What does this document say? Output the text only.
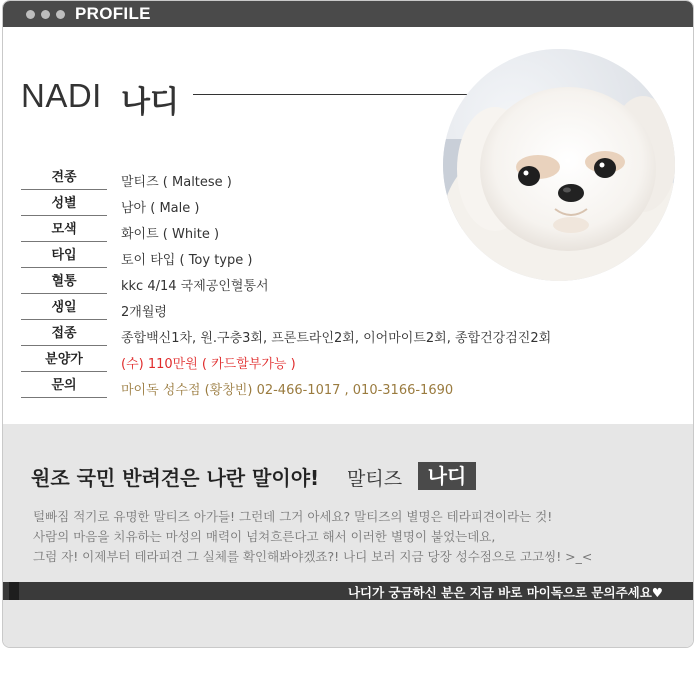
PROFILE
NADI 나디
견종	말티즈 ( Maltese )
성별	남아 ( Male )
모색	화이트 ( White )
타입	토이 타입 ( Toy type )
혈통	kkc 4/14 국제공인혈통서
생일	2개월령
접종	종합백신1차, 원.구충3회, 프론트라인2회, 이어마이트2회, 종합건강검진2회
분양가	(수) 110만원 ( 카드할부가능 )
문의	마이독 성수점 (황창빈) 02-466-1017 , 010-3166-1690
원조 국민 반려견은 나란 말이야! 말티즈	나디
털빠짐 적기로 유명한 말티즈 아가들! 그런데 그거 아세요? 말티즈의 별명은 테라피견이라는 것!
사람의 마음을 치유하는 마성의 매력이 넘쳐흐른다고 해서 이러한 별명이 붙었는데요,
그럼 자! 이제부터 테라피견 그 실체를 확인해봐야겠죠?! 나디 보러 지금 당장 성수점으로 고고씽! >_<
나디가 궁금하신 분은 지금 바로 마이독으로 문의주세요♥
